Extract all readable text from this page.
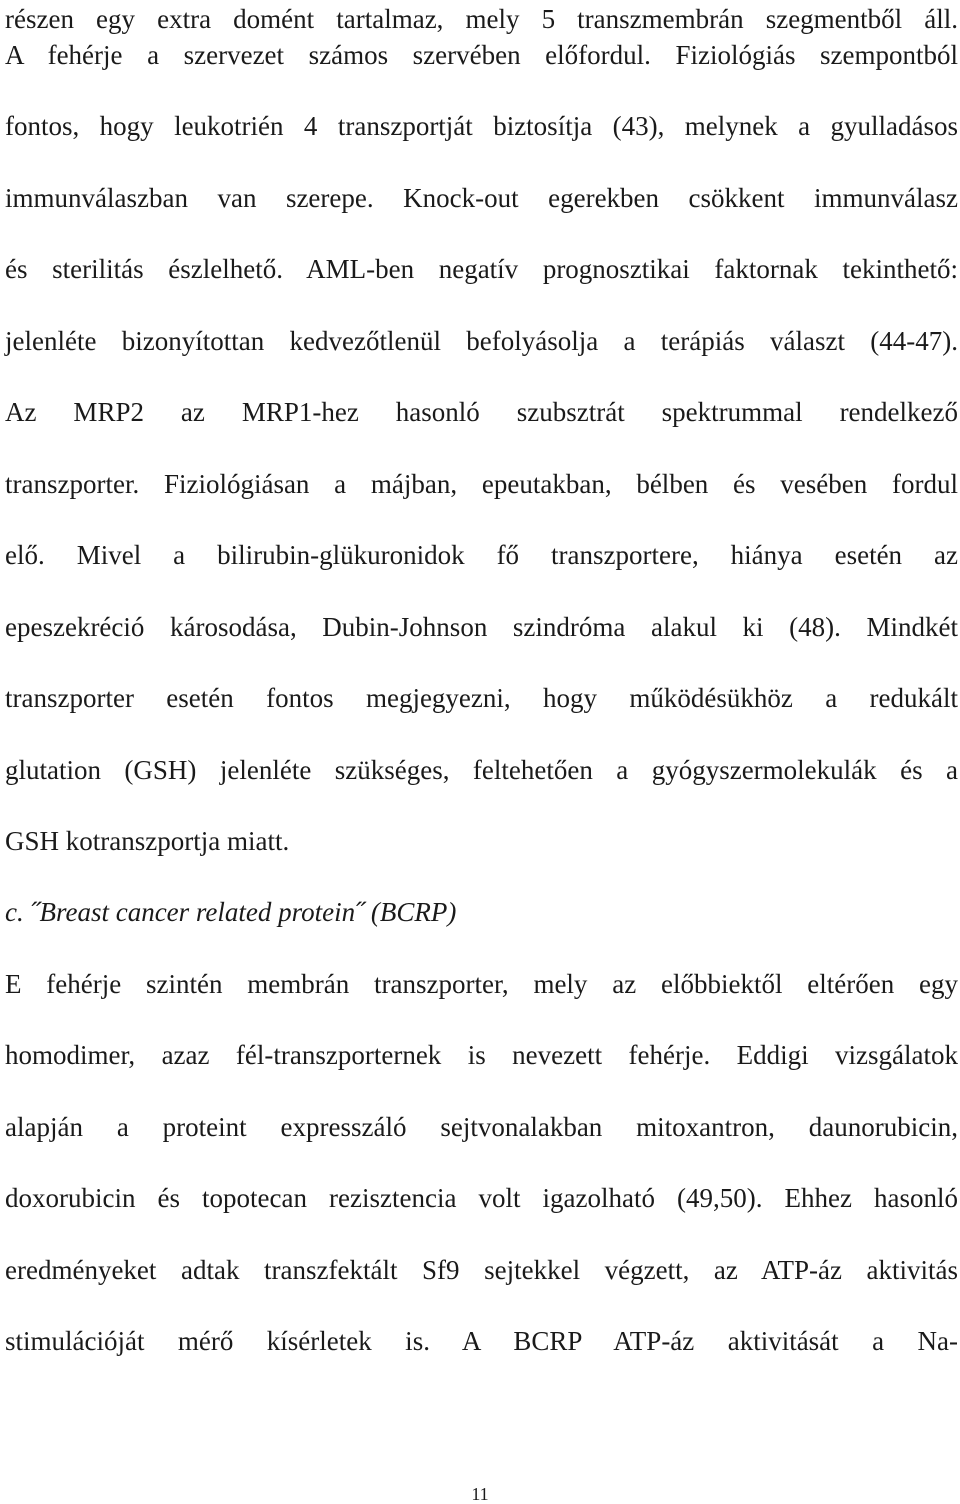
részen egy extra domént tartalmaz, mely 5 transzmembrán szegmentből áll.
A fehérje a szervezet számos szervében előfordul. Fiziológiás szempontból
fontos, hogy leukotrién 4 transzportját biztosítja (43), melynek a gyulladásos
immunválaszban van szerepe. Knock-out egerekben csökkent immunválasz
és sterilitás észlelhető. AML-ben negatív prognosztikai faktornak tekinthető:
jelenléte bizonyítottan kedvezőtlenül befolyásolja a terápiás választ (44-47).
Az MRP2 az MRP1-hez hasonló szubsztrát spektrummal rendelkező
transzporter. Fiziológiásan a májban, epeutakban, bélben és vesében fordul
elő. Mivel a bilirubin-glükuronidok fő transzportere, hiánya esetén az
epeszekréció károsodása, Dubin-Johnson szindróma alakul ki (48). Mindkét
transzporter esetén fontos megjegyezni, hogy működésükhöz a redukált
glutation (GSH) jelenléte szükséges, feltehetően a gyógyszermolekulák és a
GSH kotranszportja miatt.
c. ˝Breast cancer related protein˝ (BCRP)
E fehérje szintén membrán transzporter, mely az előbbiektől eltérően egy
homodimer, azaz fél-transzporternek is nevezett fehérje. Eddigi vizsgálatok
alapján a proteint expresszáló sejtvonalakban mitoxantron, daunorubicin,
doxorubicin és topotecan rezisztencia volt igazolható (49,50). Ehhez hasonló
eredményeket adtak transzfektált Sf9 sejtekkel végzett, az ATP-áz aktivitás
stimulációját mérő kísérletek is. A BCRP ATP-áz aktivitását a Na-
11
